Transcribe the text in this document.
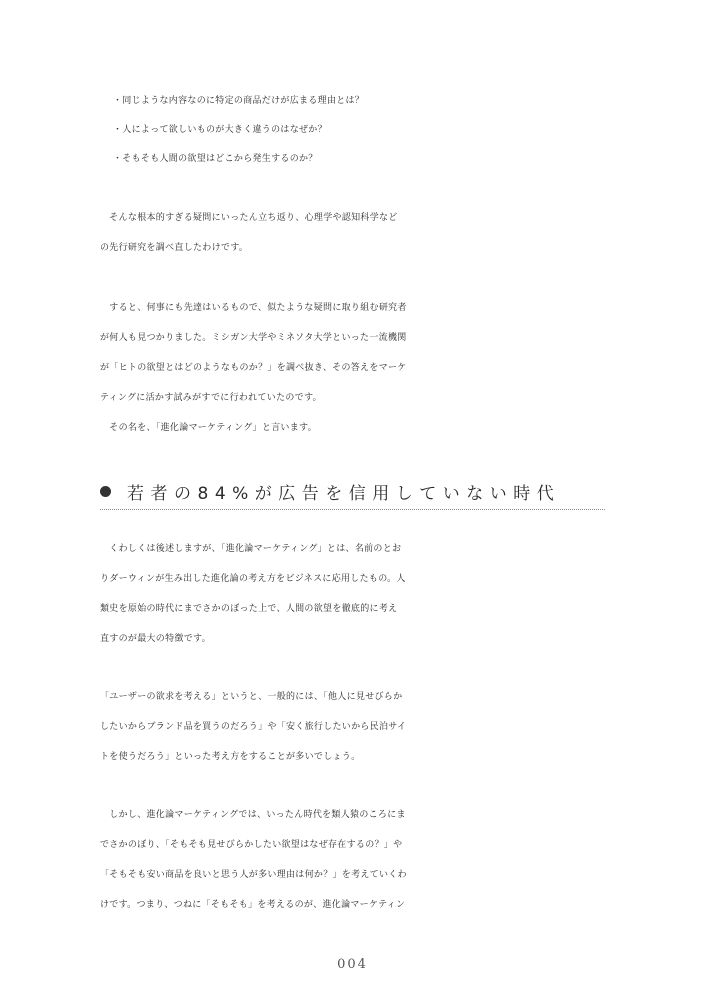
・同じような内容なのに特定の商品だけが広まる理由とは？
・人によって欲しいものが大きく違うのはなぜか？
・そもそも人間の欲望はどこから発生するのか？
　そんな根本的すぎる疑問にいったん立ち返り、心理学や認知科学など
の先行研究を調べ直したわけです。
　すると、何事にも先達はいるもので、似たような疑問に取り組む研究者
が何人も見つかりました。ミシガン大学やミネソタ大学といった一流機関
が「ヒトの欲望とはどのようなものか？」を調べ抜き、その答えをマーケ
ティングに活かす試みがすでに行われていたのです。
　その名を、「進化論マーケティング」と言います。
若者の84%が広告を信用していない時代
　くわしくは後述しますが、「進化論マーケティング」とは、名前のとお
りダーウィンが生み出した進化論の考え方をビジネスに応用したもの。人
類史を原始の時代にまでさかのぼった上で、人間の欲望を徹底的に考え
直すのが最大の特徴です。
「ユーザーの欲求を考える」というと、一般的には、「他人に見せびらか
したいからブランド品を買うのだろう」や「安く旅行したいから民泊サイ
トを使うだろう」といった考え方をすることが多いでしょう。
　しかし、進化論マーケティングでは、いったん時代を類人猿のころにま
でさかのぼり、「そもそも見せびらかしたい欲望はなぜ存在するの？」や
「そもそも安い商品を良いと思う人が多い理由は何か？」を考えていくわ
けです。つまり、つねに「そもそも」を考えるのが、進化論マーケティン
004
